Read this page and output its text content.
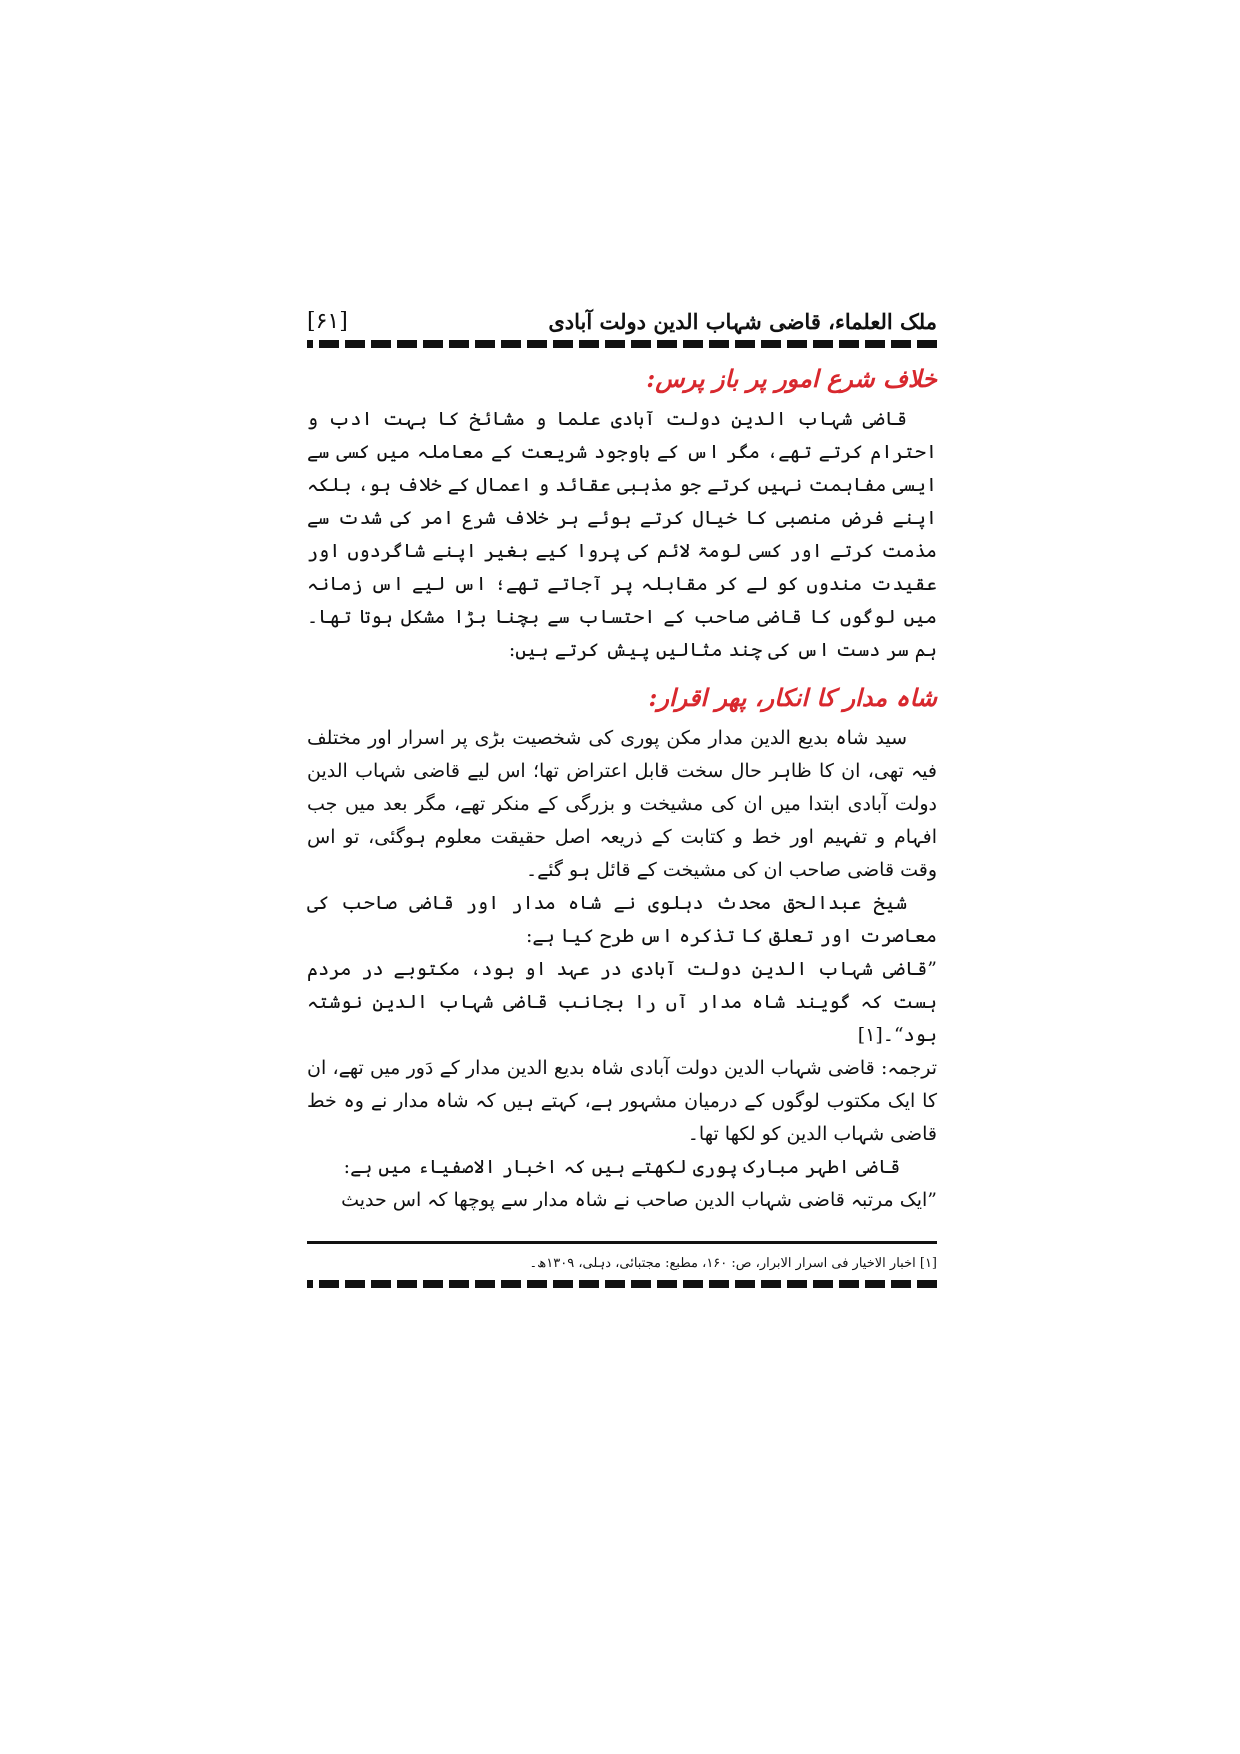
ملک العلماء، قاضی شہاب الدین دولت آبادی
[۶۱]
خلاف شرع امور پر باز پرس:

قاضی شہاب الدین دولت آبادی علما و مشائخ کا بہت ادب و احترام کرتے تھے، مگر اس کے باوجود شریعت کے معاملہ میں کسی سے ایسی مفاہمت نہیں کرتے جو مذہبی عقائد و اعمال کے خلاف ہو، بلکہ اپنے فرض منصبی کا خیال کرتے ہوئے ہر خلاف شرع امر کی شدت سے مذمت کرتے اور کسی لومۃ لائم کی پروا کیے بغیر اپنے شاگردوں اور عقیدت مندوں کو لے کر مقابلہ پر آجاتے تھے؛ اس لیے اس زمانہ میں لوگوں کا قاضی صاحب کے احتساب سے بچنا بڑا مشکل ہوتا تھا۔ ہم سر دست اس کی چند مثالیں پیش کرتے ہیں:

شاہ مدار کا انکار، پھر اقرار:

سید شاہ بدیع الدین مدار مکن پوری کی شخصیت بڑی پر اسرار اور مختلف فیہ تھی، ان کا ظاہر حال سخت قابل اعتراض تھا؛ اس لیے قاضی شہاب الدین دولت آبادی ابتدا میں ان کی مشیخت و بزرگی کے منکر تھے، مگر بعد میں جب افہام و تفہیم اور خط و کتابت کے ذریعہ اصل حقیقت معلوم ہوگئی، تو اس وقت قاضی صاحب ان کی مشیخت کے قائل ہو گئے۔

شیخ عبدالحق محدث دہلوی نے شاہ مدار اور قاضی صاحب کی معاصرت اور تعلق کا تذکرہ اس طرح کیا ہے:

”قاضی شہاب الدین دولت آبادی در عہد او بود، مکتوبے در مردم ہست کہ گویند شاہ مدار آں را بجانب قاضی شہاب الدین نوشتہ بود“۔[۱]

ترجمہ: قاضی شہاب الدین دولت آبادی شاہ بدیع الدین مدار کے دَور میں تھے، ان کا ایک مکتوب لوگوں کے درمیان مشہور ہے، کہتے ہیں کہ شاہ مدار نے وہ خط قاضی شہاب الدین کو لکھا تھا۔

قاضی اطہر مبارک پوری لکھتے ہیں کہ اخبار الاصفیاء میں ہے:

”ایک مرتبہ قاضی شہاب الدین صاحب نے شاہ مدار سے پوچھا کہ اس حدیث

[۱] اخبار الاخیار فی اسرار الابرار، ص: ۱۶۰، مطبع: مجتبائی، دہلی، ۱۳۰۹ھ۔
